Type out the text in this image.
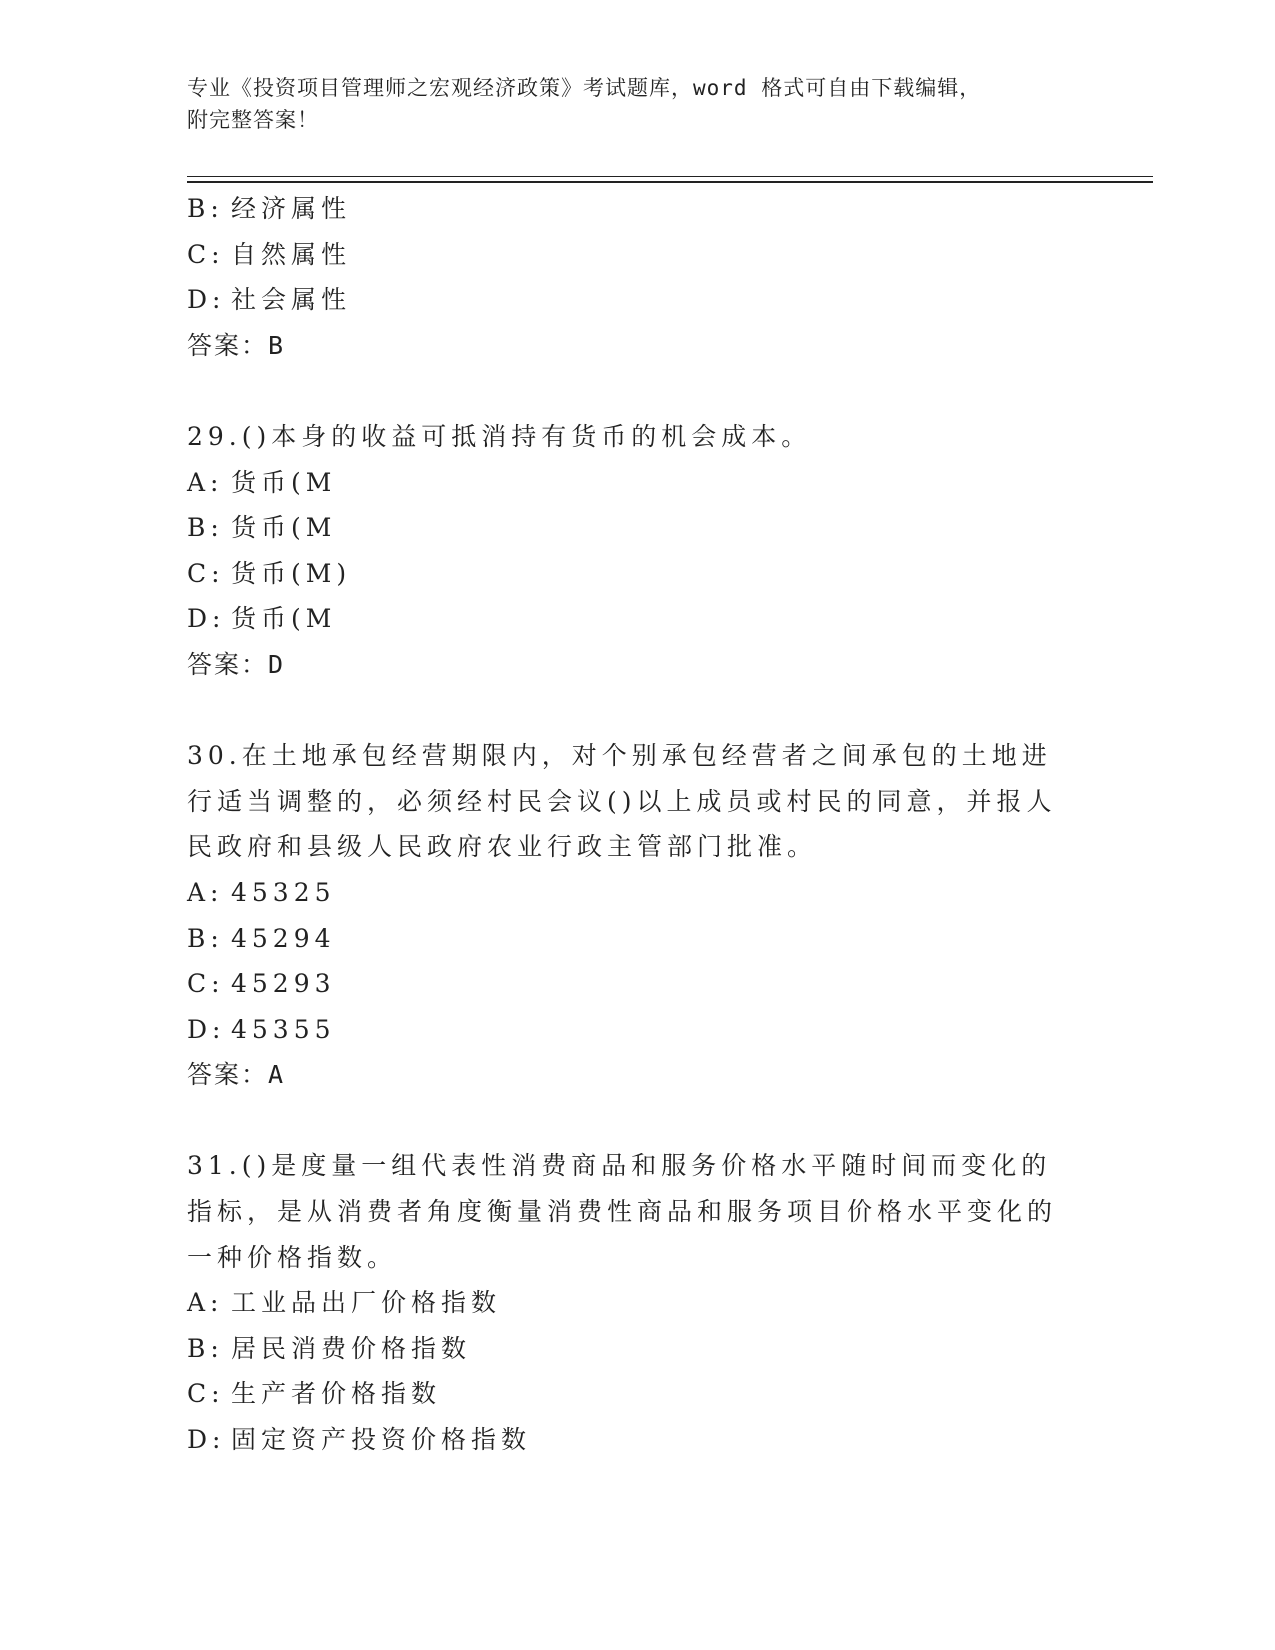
专业《投资项目管理师之宏观经济政策》考试题库，word 格式可自由下载编辑，
附完整答案！
B: 经济属性
C: 自然属性
D: 社会属性
答案：B
29.()本身的收益可抵消持有货币的机会成本。
A: 货币(M
B: 货币(M
C: 货币(M)
D: 货币(M
答案：D
30.在土地承包经营期限内，对个别承包经营者之间承包的土地进行适当调整的，必须经村民会议()以上成员或村民的同意，并报人民政府和县级人民政府农业行政主管部门批准。
A: 45325
B: 45294
C: 45293
D: 45355
答案：A
31.()是度量一组代表性消费商品和服务价格水平随时间而变化的指标，是从消费者角度衡量消费性商品和服务项目价格水平变化的一种价格指数。
A: 工业品出厂价格指数
B: 居民消费价格指数
C: 生产者价格指数
D: 固定资产投资价格指数
